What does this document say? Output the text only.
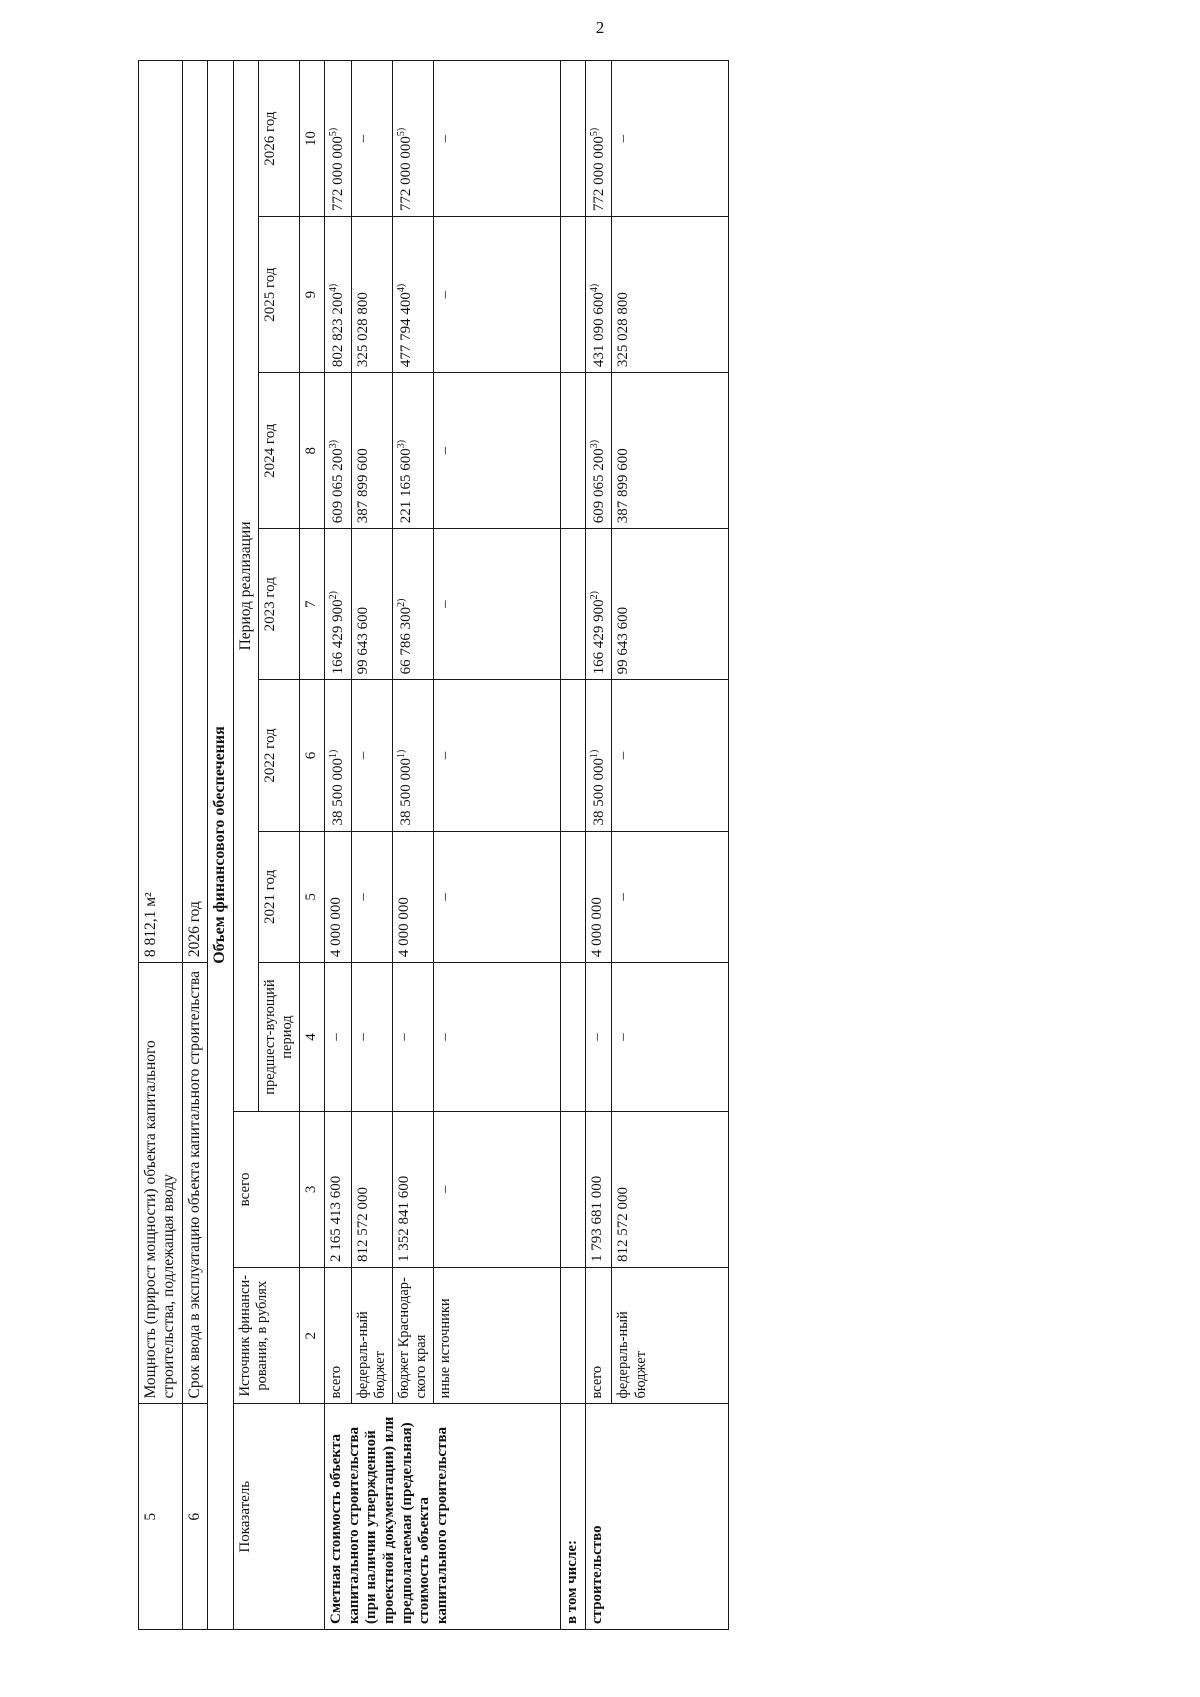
2
5	Мощность (прирост мощности) объекта капитального строительства, подлежащая вводу			8 812,1 м²					
6	Срок ввода в эксплуатацию объекта капитального строительства			2026 год					
Объем финансового обеспечения									
Показатель	Источник финанси-рования, в рублях	всего	Период реализации						
			предшест-вующий период	2021 год	2022 год	2023 год	2024 год	2025 год	2026 год
	2	3	4	5	6	7	8	9	10
Сметная стоимость объекта капитального строительства (при наличии утвержденной проектной документации) или предполагаемая (предельная) стоимость объекта капитального строительства	всего	2 165 413 600	–	4 000 000	38 500 000$^{1)}$	166 429 900$^{2)}$	609 065 200$^{3)}$	802 823 200$^{4)}$	772 000 000$^{5)}$
	федераль-ный бюджет	812 572 000	–	–	–	99 643 600	387 899 600	325 028 800	–
	бюджет Краснодар-ского края	1 352 841 600	–	4 000 000	38 500 000$^{1)}$	66 786 300$^{2)}$	221 165 600$^{3)}$	477 794 400$^{4)}$	772 000 000$^{5)}$
	иные источники	–	–	–	–	–	–	–	–
в том числе:									
строительство	всего	1 793 681 000	–	4 000 000	38 500 000$^{1)}$	166 429 900$^{2)}$	609 065 200$^{3)}$	431 090 600$^{4)}$	772 000 000$^{5)}$
	федераль-ный бюджет	812 572 000	–	–	–	99 643 600	387 899 600	325 028 800	–
